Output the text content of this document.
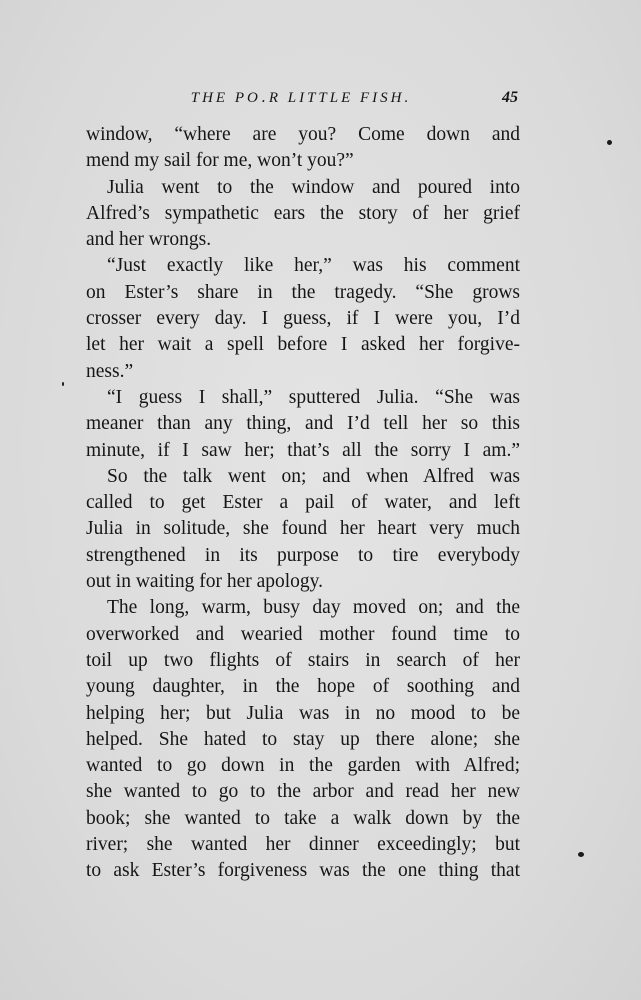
THE PO․R LITTLE FISH.	45
window, “where are you? Come down and
mend my sail for me, won’t you?”
Julia went to the window and poured into
Alfred’s sympathetic ears the story of her grief
and her wrongs.
“Just exactly like her,” was his comment
on Ester’s share in the tragedy. “She grows
crosser every day. I guess, if I were you, I’d
let her wait a spell before I asked her forgive-
ness.”
“I guess I shall,” sputtered Julia. “She was
meaner than any thing, and I’d tell her so this
minute, if I saw her; that’s all the sorry I am.”
So the talk went on; and when Alfred was
called to get Ester a pail of water, and left
Julia in solitude, she found her heart very much
strengthened in its purpose to tire everybody
out in waiting for her apology.
The long, warm, busy day moved on; and the
overworked and wearied mother found time to
toil up two flights of stairs in search of her
young daughter, in the hope of soothing and
helping her; but Julia was in no mood to be
helped. She hated to stay up there alone; she
wanted to go down in the garden with Alfred;
she wanted to go to the arbor and read her new
book; she wanted to take a walk down by the
river; she wanted her dinner exceedingly; but
to ask Ester’s forgiveness was the one thing that
